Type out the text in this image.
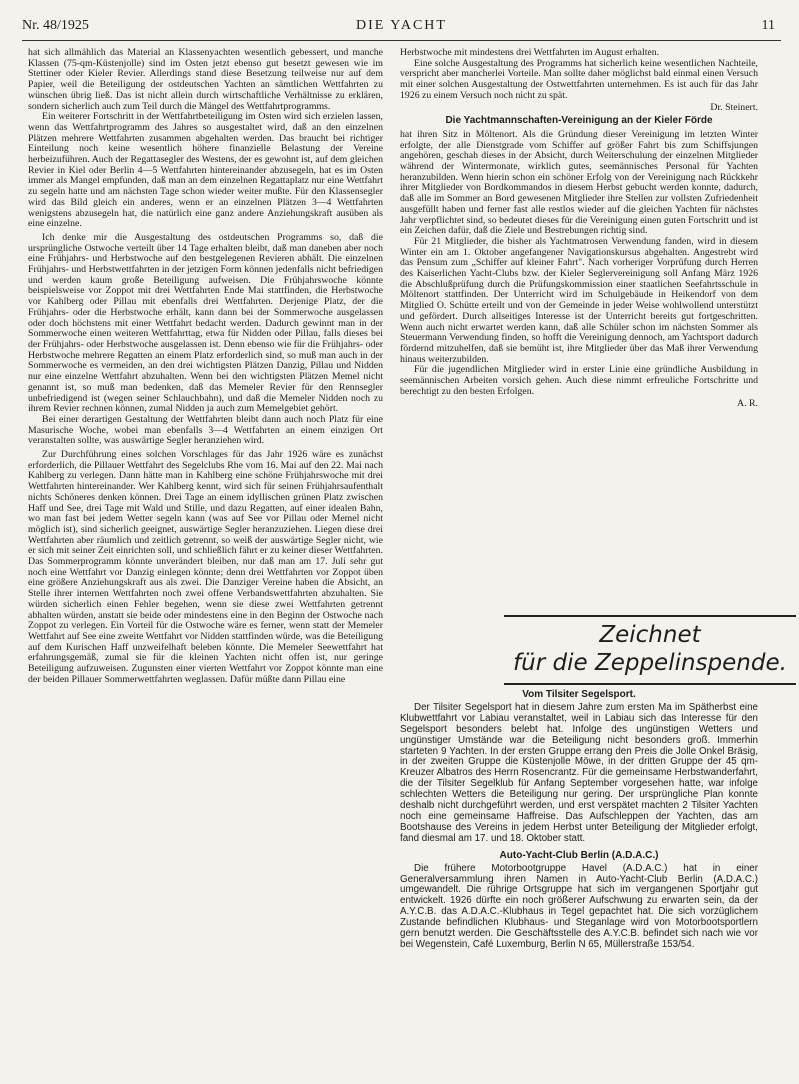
Nr. 48/1925	DIE YACHT	11

hat sich allmählich das Material an Klassenyachten wesentlich gebessert, und manche Klassen (75-qm-Küstenjolle) sind im Osten jetzt ebenso gut besetzt gewesen wie im Stettiner oder Kieler Revier. Allerdings stand diese Besetzung teilweise nur auf dem Papier, weil die Beteiligung der ostdeutschen Yachten an sämtlichen Wettfahrten zu wünschen übrig ließ. Das ist nicht allein durch wirtschaftliche Verhältnisse zu erklären, sondern sicherlich auch zum Teil durch die Mängel des Wettfahrtprogramms.

Ein weiterer Fortschritt in der Wettfahrtbeteiligung im Osten wird sich erzielen lassen, wenn das Wettfahrtprogramm des Jahres so ausgestaltet wird, daß an den einzelnen Plätzen mehrere Wettfahrten zusammen abgehalten werden. Das braucht bei richtiger Einteilung noch keine wesentlich höhere finanzielle Belastung der Vereine herbeizuführen. Auch der Regattasegler des Westens, der es gewohnt ist, auf dem gleichen Revier in Kiel oder Berlin 4—5 Wettfahrten hintereinander abzusegeln, hat es im Osten immer als Mangel empfunden, daß man an dem einzelnen Regattaplatz nur eine Wettfahrt zu segeln hatte und am nächsten Tage schon wieder weiter mußte. Für den Klassensegler wird das Bild gleich ein anderes, wenn er an einzelnen Plätzen 3—4 Wettfahrten wenigstens abzusegeln hat, die natürlich eine ganz andere Anziehungskraft ausüben als eine einzelne.

Ich denke mir die Ausgestaltung des ostdeutschen Programms so, daß die ursprüngliche Ostwoche verteilt über 14 Tage erhalten bleibt, daß man daneben aber noch eine Frühjahrs- und Herbstwoche auf den bestgelegenen Revieren abhält. Die einzelnen Frühjahrs- und Herbstwettfahrten in der jetzigen Form können jedenfalls nicht befriedigen und werden kaum große Beteiligung aufweisen. Die Frühjahrswoche könnte beispielsweise vor Zoppot mit drei Wettfahrten Ende Mai stattfinden, die Herbstwoche vor Kahlberg oder Pillau mit ebenfalls drei Wettfahrten. Derjenige Platz, der die Frühjahrs- oder die Herbstwoche erhält, kann dann bei der Sommerwoche ausgelassen oder doch höchstens mit einer Wettfahrt bedacht werden. Dadurch gewinnt man in der Sommerwoche einen weiteren Wettfahrttag, etwa für Nidden oder Pillau, falls dieses bei der Frühjahrs- oder Herbstwoche ausgelassen ist. Denn ebenso wie für die Frühjahrs- oder Herbstwoche mehrere Regatten an einem Platz erforderlich sind, so muß man auch in der Sommerwoche es vermeiden, an den drei wichtigsten Plätzen Danzig, Pillau und Nidden nur eine einzelne Wettfahrt abzuhalten. Wenn bei den wichtigsten Plätzen Memel nicht genannt ist, so muß man bedenken, daß das Memeler Revier für den Rennsegler unbefriedigend ist (wegen seiner Schlauchbahn), und daß die Memeler Nidden noch zu ihrem Revier rechnen können, zumal Nidden ja auch zum Memelgebiet gehört.

Bei einer derartigen Gestaltung der Wettfahrten bleibt dann auch noch Platz für eine Masurische Woche, wobei man ebenfalls 3—4 Wettfahrten an einem einzigen Ort veranstalten sollte, was auswärtige Segler heranziehen wird.

Zur Durchführung eines solchen Vorschlages für das Jahr 1926 wäre es zunächst erforderlich, die Pillauer Wettfahrt des Segelclubs Rhe vom 16. Mai auf den 22. Mai nach Kahlberg zu verlegen. Dann hätte man in Kahlberg eine schöne Frühjahrswoche mit drei Wettfahrten hintereinander. Wer Kahlberg kennt, wird sich für seinen Frühjahrsaufenthalt nichts Schöneres denken können. Drei Tage an einem idyllischen grünen Platz zwischen Haff und See, drei Tage mit Wald und Stille, und dazu Regatten, auf einer idealen Bahn, wo man fast bei jedem Wetter segeln kann (was auf See vor Pillau oder Memel nicht möglich ist), sind sicherlich geeignet, auswärtige Segler heranzuziehen. Liegen diese drei Wettfahrten aber räumlich und zeitlich getrennt, so weiß der auswärtige Segler nicht, wie er sich mit seiner Zeit einrichten soll, und schließlich fährt er zu keiner dieser Wettfahrten. Das Sommerprogramm könnte unverändert bleiben, nur daß man am 17. Juli sehr gut noch eine Wettfahrt vor Danzig einlegen könnte; denn drei Wettfahrten vor Zoppot üben eine größere Anziehungskraft aus als zwei. Die Danziger Vereine haben die Absicht, an Stelle ihrer internen Wettfahrten noch zwei offene Verbandswettfahrten abzuhalten. Sie würden sicherlich einen Fehler begehen, wenn sie diese zwei Wettfahrten getrennt abhalten würden, anstatt sie beide oder mindestens eine in den Beginn der Ostwoche nach Zoppot zu verlegen. Ein Vorteil für die Ostwoche wäre es ferner, wenn statt der Memeler Wettfahrt auf See eine zweite Wettfahrt vor Nidden stattfinden würde, was die Beteiligung auf dem Kurischen Haff unzweifelhaft beleben könnte. Die Memeler Seewettfahrt hat erfahrungsgemäß, zumal sie für die kleinen Yachten nicht offen ist, nur geringe Beteiligung aufzuweisen. Zugunsten einer vierten Wettfahrt vor Zoppot könnte man eine der beiden Pillauer Sommerwettfahrten weglassen. Dafür müßte dann Pillau eine

Herbstwoche mit mindestens drei Wettfahrten im August erhalten.

Eine solche Ausgestaltung des Programms hat sicherlich keine wesentlichen Nachteile, verspricht aber mancherlei Vorteile. Man sollte daher möglichst bald einmal einen Versuch mit einer solchen Ausgestaltung der Ostwettfahrten unternehmen. Es ist auch für das Jahr 1926 zu einem Versuch noch nicht zu spät.

Dr. Steinert.
Die Yachtmannschaften-Vereinigung an der Kieler Förde

hat ihren Sitz in Möltenort. Als die Gründung dieser Vereinigung im letzten Winter erfolgte, der alle Dienstgrade vom Schiffer auf größer Fahrt bis zum Schiffsjungen angehören, geschah dieses in der Absicht, durch Weiterschulung der einzelnen Mitglieder während der Wintermonate, wirklich gutes, seemännisches Personal für Yachten heranzubilden. Wenn hierin schon ein schöner Erfolg von der Vereinigung nach Rückkehr ihrer Mitglieder von Bordkommandos in diesem Herbst gebucht werden konnte, dadurch, daß alle im Sommer an Bord gewesenen Mitglieder ihre Stellen zur vollsten Zufriedenheit ausgefüllt haben und ferner fast alle restlos wieder auf die gleichen Yachten für nächstes Jahr verpflichtet sind, so bedeutet dieses für die Vereinigung einen guten Fortschritt und ist ein Zeichen dafür, daß die Ziele und Bestrebungen richtig sind.

Für 21 Mitglieder, die bisher als Yachtmatrosen Verwendung fanden, wird in diesem Winter ein am 1. Oktober angefangener Navigationskursus abgehalten. Angestrebt wird das Pensum zum „Schiffer auf kleiner Fahrt". Nach vorheriger Vorprüfung durch Herren des Kaiserlichen Yacht-Clubs bzw. der Kieler Seglervereinigung soll Anfang März 1926 die Abschlußprüfung durch die Prüfungskommission einer staatlichen Seefahrtsschule in Möltenort stattfinden. Der Unterricht wird im Schulgebäude in Heikendorf von dem Mitglied O. Schütte erteilt und von der Gemeinde in jeder Weise wohlwollend unterstützt und gefördert. Durch allseitiges Interesse ist der Unterricht bereits gut fortgeschritten. Wenn auch nicht erwartet werden kann, daß alle Schüler schon im nächsten Sommer als Steuermann Verwendung finden, so hofft die Vereinigung dennoch, am Yachtsport dadurch fördernd mitzuhelfen, daß sie bemüht ist, ihre Mitglieder über das Maß ihrer Verwendung hinaus weiterzubilden.

Für die jugendlichen Mitglieder wird in erster Linie eine gründliche Ausbildung in seemännischen Arbeiten vorsich gehen. Auch diese nimmt erfreuliche Fortschritte und berechtigt zu den besten Erfolgen.

A. R.
Zeichnet
für die Zeppelinspende.
Vom Tilsiter Segelsport.

Der Tilsiter Segelsport hat in diesem Jahre zum ersten Ma im Spätherbst eine Klubwettfahrt vor Labiau veranstaltet, weil in Labiau sich das Interesse für den Segelsport besonders belebt hat. Infolge des ungünstigen Wetters und ungünstiger Umstände war die Beteiligung nicht besonders groß. Immerhin starteten 9 Yachten. In der ersten Gruppe errang den Preis die Jolle Onkel Bräsig, in der zweiten Gruppe die Küstenjolle Möwe, in der dritten Gruppe der 45 qm-Kreuzer Albatros des Herrn Rosencrantz. Für die gemeinsame Herbstwanderfahrt, die der Tilsiter Segelklub für Anfang September vorgesehen hatte, war infolge schlechten Wetters die Beteiligung nur gering. Der ursprüngliche Plan konnte deshalb nicht durchgeführt werden, und erst verspätet machten 2 Tilsiter Yachten noch eine gemeinsame Haffreise. Das Aufschleppen der Yachten, das am Bootshause des Vereins in jedem Herbst unter Beteiligung der Mitglieder erfolgt, fand diesmal am 17. und 18. Oktober statt.

Auto-Yacht-Club Berlin (A.D.A.C.)

Die frühere Motorbootgruppe Havel (A.D.A.C.) hat in einer Generalversammlung ihren Namen in Auto-Yacht-Club Berlin (A.D.A.C.) umgewandelt. Die rührige Ortsgruppe hat sich im vergangenen Sportjahr gut entwickelt. 1926 dürfte ein noch größerer Aufschwung zu erwarten sein, da der A.Y.C.B. das A.D.A.C.-Klubhaus in Tegel gepachtet hat. Die sich vorzüglichem Zustande befindlichen Klubhaus- und Steganlage wird von Motorbootsportlern gern benutzt werden. Die Geschäftsstelle des A.Y.C.B. befindet sich nach wie vor bei Wegenstein, Café Luxemburg, Berlin N 65, Müllerstraße 153/54.
